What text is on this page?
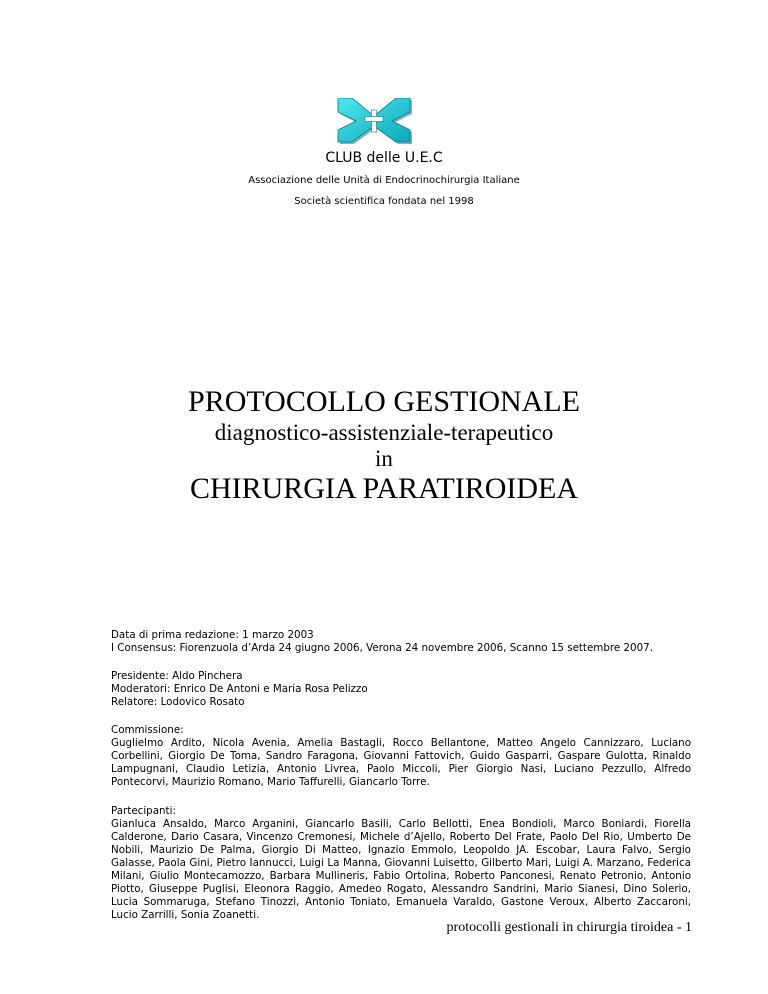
CLUB delle U.E.C
Associazione delle Unità di Endocrinochirurgia Italiane
Società scientifica fondata nel 1998
PROTOCOLLO GESTIONALE
diagnostico-assistenziale-terapeutico
in
CHIRURGIA PARATIROIDEA

Data di prima redazione: 1 marzo 2003

I Consensus: Fiorenzuola d’Arda 24 giugno 2006, Verona 24 novembre 2006, Scanno 15 settembre 2007.

Presidente: Aldo Pinchera

Moderatori: Enrico De Antoni e Maria Rosa Pelizzo

Relatore: Lodovico Rosato

Commissione:

Guglielmo Ardito, Nicola Avenia, Amelia Bastagli, Rocco Bellantone, Matteo Angelo Cannizzaro, Luciano Corbellini, Giorgio De Toma, Sandro Faragona, Giovanni Fattovich, Guido Gasparri, Gaspare Gulotta, Rinaldo Lampugnani, Claudio Letizia, Antonio Livrea, Paolo Miccoli, Pier Giorgio Nasi, Luciano Pezzullo, Alfredo Pontecorvi, Maurizio Romano, Mario Taffurelli, Giancarlo Torre.

Partecipanti:

Gianluca Ansaldo, Marco Arganini, Giancarlo Basili, Carlo Bellotti, Enea Bondioli, Marco Boniardi, Fiorella Calderone, Dario Casara, Vincenzo Cremonesi, Michele d’Ajello, Roberto Del Frate, Paolo Del Rio, Umberto De Nobili, Maurizio De Palma, Giorgio Di Matteo, Ignazio Emmolo, Leopoldo JA. Escobar, Laura Falvo, Sergio Galasse, Paola Gini, Pietro Iannucci, Luigi La Manna, Giovanni Luisetto, Gilberto Mari, Luigi A. Marzano, Federica Milani, Giulio Montecamozzo, Barbara Mullineris, Fabio Ortolina, Roberto Panconesi, Renato Petronio, Antonio Piotto, Giuseppe Puglisi, Eleonora Raggio, Amedeo Rogato, Alessandro Sandrini, Mario Sianesi, Dino Solerio, Lucia Sommaruga, Stefano Tinozzi, Antonio Toniato, Emanuela Varaldo, Gastone Veroux, Alberto Zaccaroni, Lucio Zarrilli, Sonia Zoanetti.

protocolli gestionali in chirurgia tiroidea - 1
